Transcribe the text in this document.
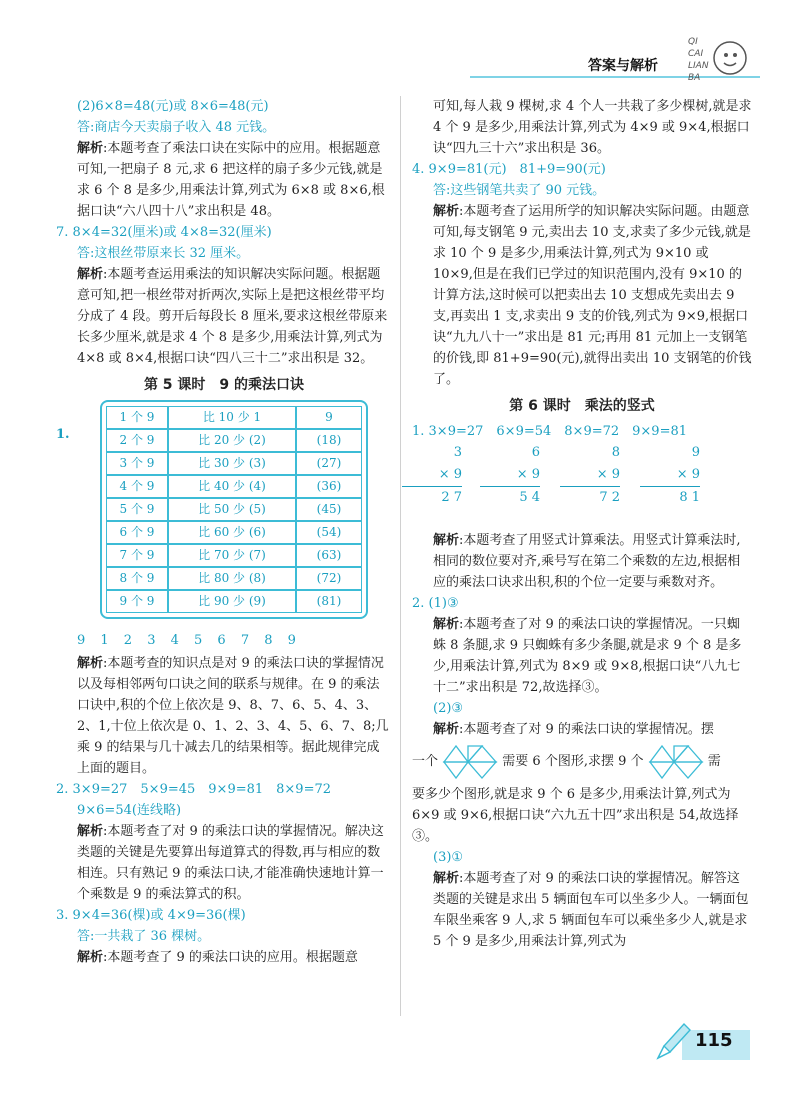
答案与解析
QI
CAI
LIAN
BA

(2)6×8=48(元)或 8×6=48(元)

答:商店今天卖扇子收入 48 元钱。

解析:本题考查了乘法口诀在实际中的应用。根据题意可知,一把扇子 8 元,求 6 把这样的扇子多少元钱,就是求 6 个 8 是多少,用乘法计算,列式为 6×8 或 8×6,根据口诀“六八四十八”求出积是 48。

7. 8×4=32(厘米)或 4×8=32(厘米)

答:这根丝带原来长 32 厘米。

解析:本题考查运用乘法的知识解决实际问题。根据题意可知,把一根丝带对折两次,实际上是把这根丝带平均分成了 4 段。剪开后每段长 8 厘米,要求这根丝带原来长多少厘米,就是求 4 个 8 是多少,用乘法计算,列式为 4×8 或 8×4,根据口诀“四八三十二”求出积是 32。

第 5 课时　9 的乘法口诀

1.
1 个 9	比 10 少 1	9
2 个 9	比 20 少 (2)	(18)
3 个 9	比 30 少 (3)	(27)
4 个 9	比 40 少 (4)	(36)
5 个 9	比 50 少 (5)	(45)
6 个 9	比 60 少 (6)	(54)
7 个 9	比 70 少 (7)	(63)
8 个 9	比 80 少 (8)	(72)
9 个 9	比 90 少 (9)	(81)

9 1 2 3 4 5 6 7 8 9

解析:本题考查的知识点是对 9 的乘法口诀的掌握情况以及每相邻两句口诀之间的联系与规律。在 9 的乘法口诀中,积的个位上依次是 9、8、7、6、5、4、3、2、1,十位上依次是 0、1、2、3、4、5、6、7、8;几乘 9 的结果与几十减去几的结果相等。据此规律完成上面的题目。

2. 3×9=27　5×9=45　9×9=81　8×9=72

9×6=54(连线略)

解析:本题考查了对 9 的乘法口诀的掌握情况。解决这类题的关键是先要算出每道算式的得数,再与相应的数相连。只有熟记 9 的乘法口诀,才能准确快速地计算一个乘数是 9 的乘法算式的积。

3. 9×4=36(棵)或 4×9=36(棵)

答:一共栽了 36 棵树。

解析:本题考查了 9 的乘法口诀的应用。根据题意

可知,每人栽 9 棵树,求 4 个人一共栽了多少棵树,就是求 4 个 9 是多少,用乘法计算,列式为 4×9 或 9×4,根据口诀“四九三十六”求出积是 36。

4. 9×9=81(元)　81+9=90(元)

答:这些钢笔共卖了 90 元钱。

解析:本题考查了运用所学的知识解决实际问题。由题意可知,每支钢笔 9 元,卖出去 10 支,求卖了多少元钱,就是求 10 个 9 是多少,用乘法计算,列式为 9×10 或 10×9,但是在我们已学过的知识范围内,没有 9×10 的计算方法,这时候可以把卖出去 10 支想成先卖出去 9 支,再卖出 1 支,求卖出 9 支的价钱,列式为 9×9,根据口诀“九九八十一”求出是 81 元;再用 81 元加上一支钢笔的价钱,即 81+9=90(元),就得出卖出 10 支钢笔的价钱了。

第 6 课时　乘法的竖式

1. 3×9=27　6×9=54　8×9=72　9×9=81

3
× 9
2 7
6
× 9
5 4
8
× 9
7 2
9
× 9
8 1

解析:本题考查了用竖式计算乘法。用竖式计算乘法时,相同的数位要对齐,乘号写在第二个乘数的左边,根据相应的乘法口诀求出积,积的个位一定要与乘数对齐。

2. (1)③

解析:本题考查了对 9 的乘法口诀的掌握情况。一只蜘蛛 8 条腿,求 9 只蜘蛛有多少条腿,就是求 9 个 8 是多少,用乘法计算,列式为 8×9 或 9×8,根据口诀“八九七十二”求出积是 72,故选择③。

(2)③

解析:本题考查了对 9 的乘法口诀的掌握情况。摆

一个	需要 6 个图形,求摆 9 个	需

要多少个图形,就是求 9 个 6 是多少,用乘法计算,列式为 6×9 或 9×6,根据口诀“六九五十四”求出积是 54,故选择③。

(3)①

解析:本题考查了对 9 的乘法口诀的掌握情况。解答这类题的关键是求出 5 辆面包车可以坐多少人。一辆面包车限坐乘客 9 人,求 5 辆面包车可以乘坐多少人,就是求 5 个 9 是多少,用乘法计算,列式为

115
